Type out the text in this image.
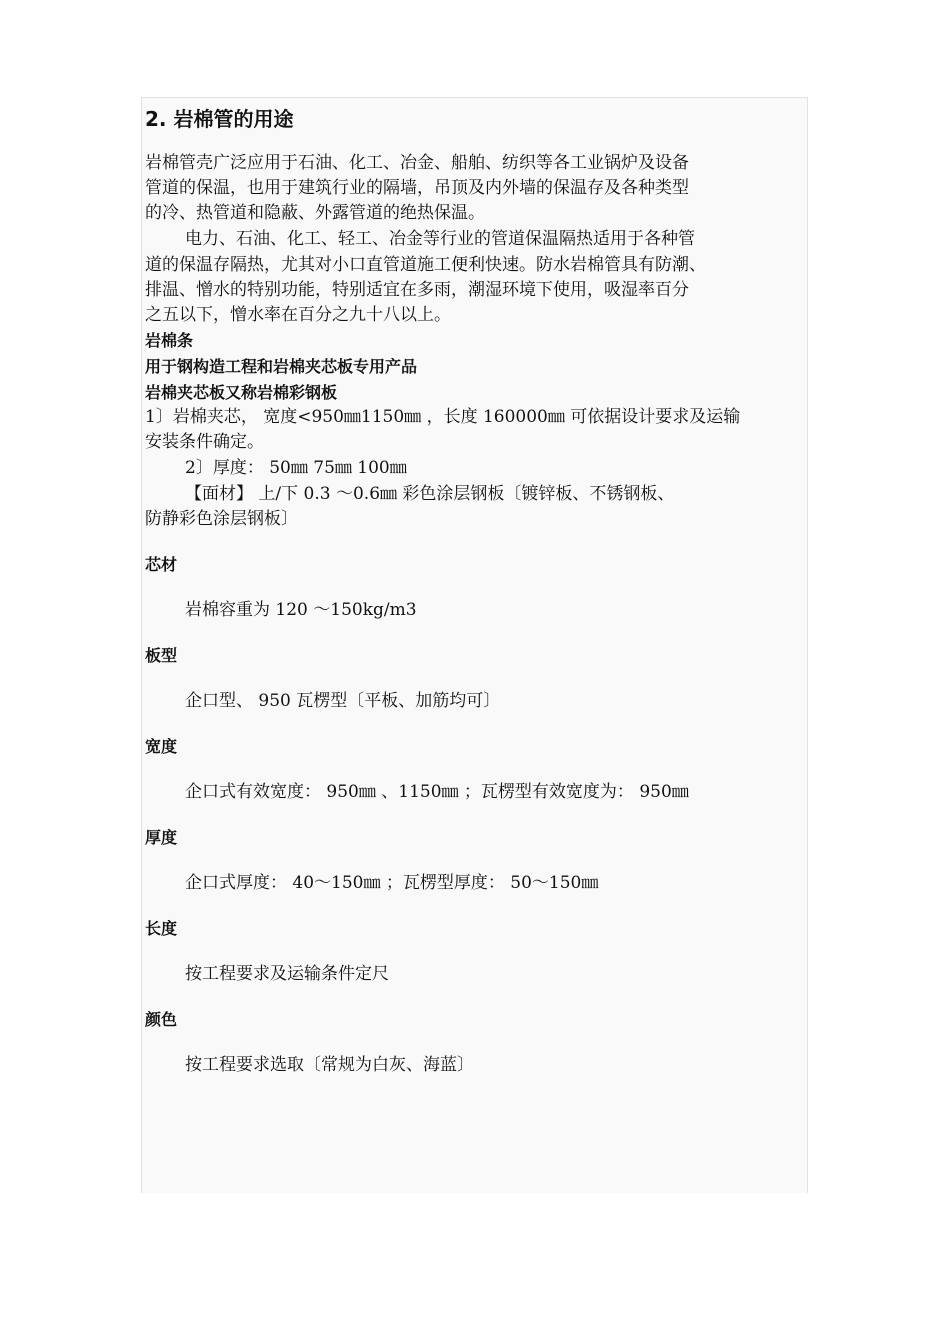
2. 岩棉管的用途

岩棉管壳广泛应用于石油、化工、冶金、船舶、纺织等各工业锅炉及设备

管道的保温，也用于建筑行业的隔墙，吊顶及内外墙的保温存及各种类型

的冷、热管道和隐蔽、外露管道的绝热保温。

电力、石油、化工、轻工、冶金等行业的管道保温隔热适用于各种管

道的保温存隔热，尤其对小口直管道施工便利快速。防水岩棉管具有防潮、

排温、憎水的特别功能，特别适宜在多雨，潮湿环境下使用，吸湿率百分

之五以下，憎水率在百分之九十八以上。

岩棉条

用于钢构造工程和岩棉夹芯板专用产品

岩棉夹芯板又称岩棉彩钢板

1〕岩棉夹芯， 宽度<950㎜1150㎜ ，长度 160000㎜ 可依据设计要求及运输

安装条件确定。

2〕厚度： 50㎜ 75㎜ 100㎜

【面材】 上/下 0.3 ～0.6㎜ 彩色涂层钢板〔镀锌板、不锈钢板、

防静彩色涂层钢板〕

芯材

岩棉容重为 120 ～150kg/m3

板型

企口型、 950 瓦楞型〔平板、加筋均可〕

宽度

企口式有效宽度： 950㎜ 、1150㎜ ；瓦楞型有效宽度为： 950㎜

厚度

企口式厚度： 40～150㎜ ；瓦楞型厚度： 50～150㎜

长度

按工程要求及运输条件定尺

颜色

按工程要求选取〔常规为白灰、海蓝〕
